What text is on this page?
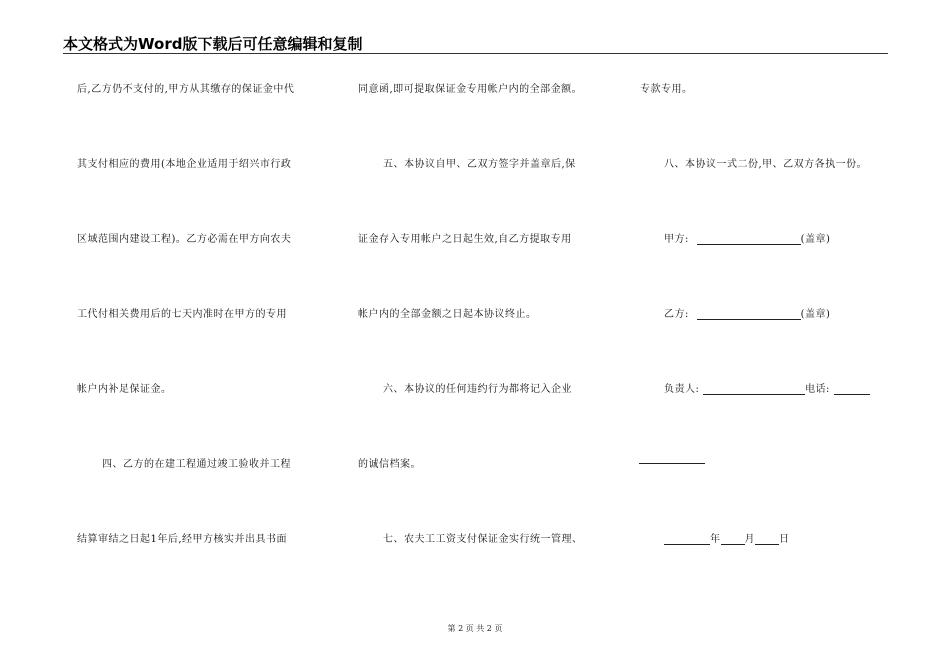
本文格式为Word版下载后可任意编辑和复制
后,乙方仍不支付的,甲方从其缴存的保证金中代
其支付相应的费用(本地企业适用于绍兴市行政
区域范围内建设工程)。乙方必需在甲方向农夫
工代付相关费用后的七天内准时在甲方的专用
帐户内补足保证金。
四、乙方的在建工程通过竣工验收并工程
结算审结之日起1年后,经甲方核实并出具书面
同意函,即可提取保证金专用帐户内的全部金额。
五、本协议自甲、乙双方签字并盖章后,保
证金存入专用帐户之日起生效,自乙方提取专用
帐户内的全部金额之日起本协议终止。
六、本协议的任何违约行为都将记入企业
的诚信档案。
七、农夫工工资支付保证金实行统一管理、
专款专用。
八、本协议一式二份,甲、乙双方各执一份。
甲方:	(盖章)
乙方:	(盖章)
负责人:	电话:
年 月 日
第 2 页 共 2 页
